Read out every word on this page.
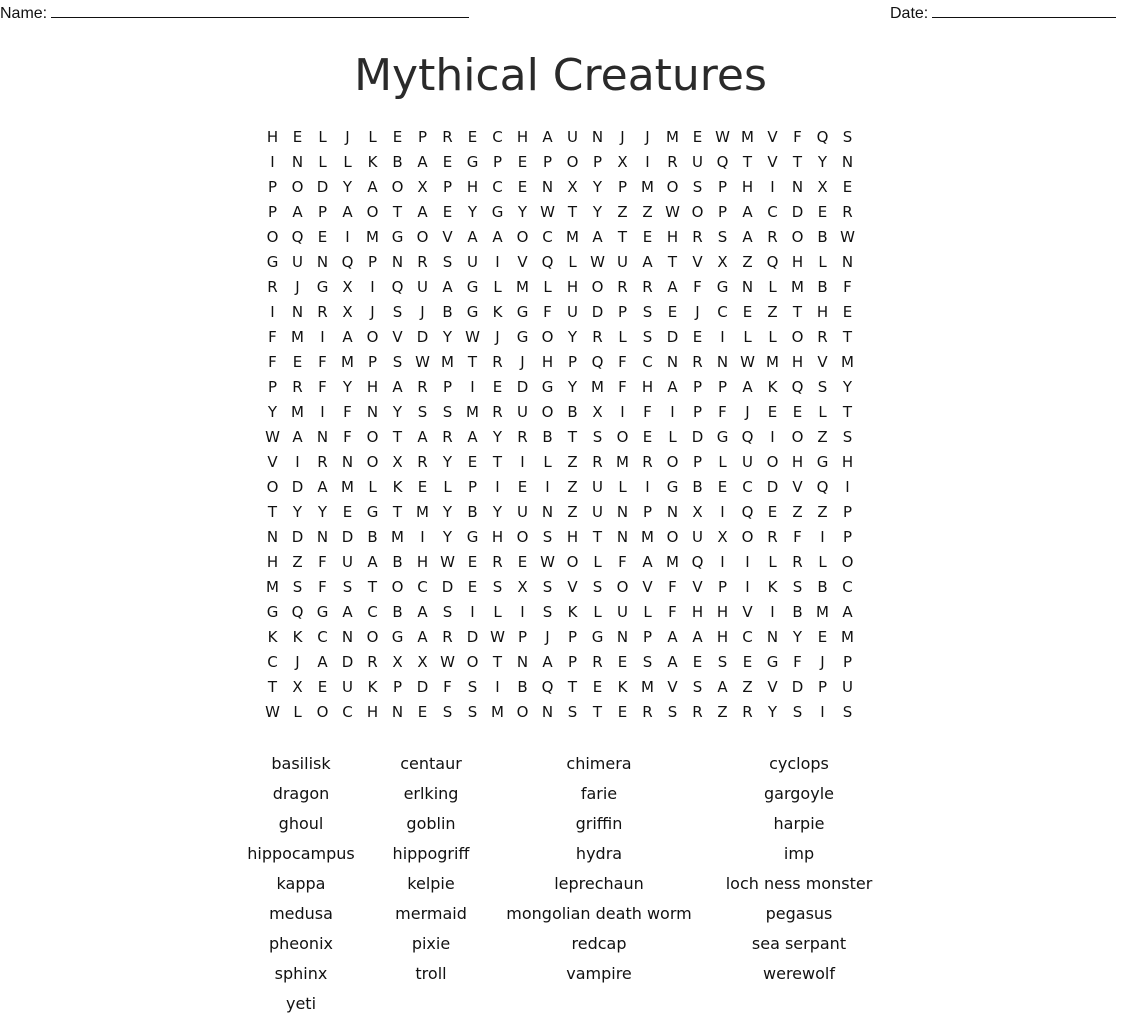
Name:	Date:
Mythical Creatures
H E L J L E P R E C H A U N J J M E W M V F Q S
I N L L K B A E G P E P O P X I R U Q T V T Y N
P O D Y A O X P H C E N X Y P M O S P H I N X E
P A P A O T A E Y G Y W T Y Z Z W O P A C D E R
O Q E I M G O V A A O C M A T E H R S A R O B W
G U N Q P N R S U I V Q L W U A T V X Z Q H L N
R J G X I Q U A G L M L H O R R A F G N L M B F
I N R X J S J B G K G F U D P S E J C E Z T H E
F M I A O V D Y W J G O Y R L S D E I L L O R T
F E F M P S W M T R J H P Q F C N R N W M H V M
P R F Y H A R P I E D G Y M F H A P P A K Q S Y
Y M I F N Y S S M R U O B X I F I P F J E E L T
W A N F O T A R A Y R B T S O E L D G Q I O Z S
V I R N O X R Y E T I L Z R M R O P L U O H G H
O D A M L K E L P I E I Z U L I G B E C D V Q I
T Y Y E G T M Y B Y U N Z U N P N X I Q E Z Z P
N D N D B M I Y G H O S H T N M O U X O R F I P
H Z F U A B H W E R E W O L F A M Q I I L R L O
M S F S T O C D E S X S V S O V F V P I K S B C
G Q G A C B A S I L I S K L U L F H H V I B M A
K K C N O G A R D W P J P G N P A A H C N Y E M
C J A D R X X W O T N A P R E S A E S E G F J P
T X E U K P D F S I B Q T E K M V S A Z V D P U
W L O C H N E S S M O N S T E R S R Z R Y S I S
basilisk	centaur	chimera	cyclops
dragon	erlking	farie	gargoyle
ghoul	goblin	griffin	harpie
hippocampus	hippogriff	hydra	imp
kappa	kelpie	leprechaun	loch ness monster
medusa	mermaid	mongolian death worm	pegasus
pheonix	pixie	redcap	sea serpant
sphinx	troll	vampire	werewolf
yeti
